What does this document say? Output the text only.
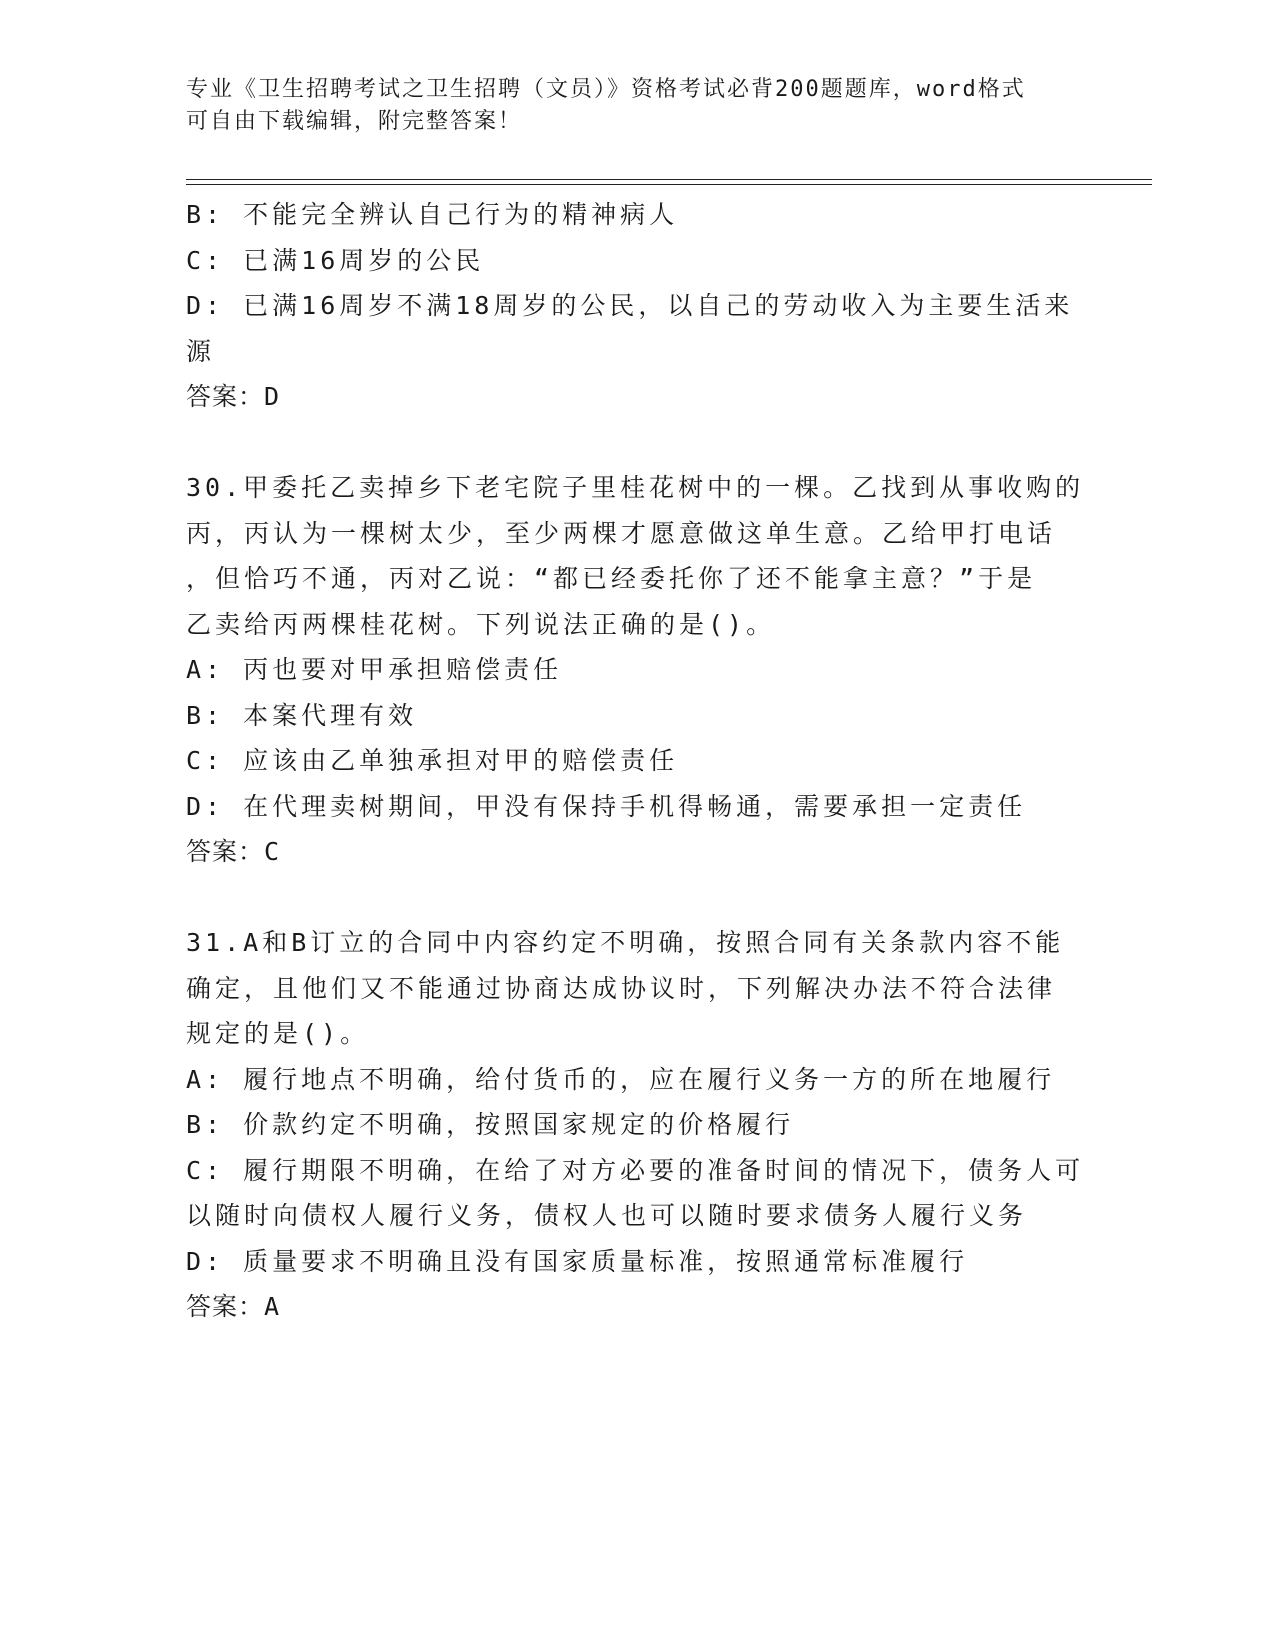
专业《卫生招聘考试之卫生招聘（文员）》资格考试必背200题题库，word格式
可自由下载编辑，附完整答案！
B: 不能完全辨认自己行为的精神病人
C: 已满16周岁的公民
D: 已满16周岁不满18周岁的公民，以自己的劳动收入为主要生活来
源
答案：D
30.甲委托乙卖掉乡下老宅院子里桂花树中的一棵。乙找到从事收购的
丙，丙认为一棵树太少，至少两棵才愿意做这单生意。乙给甲打电话
，但恰巧不通，丙对乙说：“都已经委托你了还不能拿主意？”于是
乙卖给丙两棵桂花树。下列说法正确的是()。
A: 丙也要对甲承担赔偿责任
B: 本案代理有效
C: 应该由乙单独承担对甲的赔偿责任
D: 在代理卖树期间，甲没有保持手机得畅通，需要承担一定责任
答案：C
31.A和B订立的合同中内容约定不明确，按照合同有关条款内容不能
确定，且他们又不能通过协商达成协议时，下列解决办法不符合法律
规定的是()。
A: 履行地点不明确，给付货币的，应在履行义务一方的所在地履行
B: 价款约定不明确，按照国家规定的价格履行
C: 履行期限不明确，在给了对方必要的准备时间的情况下，债务人可
以随时向债权人履行义务，债权人也可以随时要求债务人履行义务
D: 质量要求不明确且没有国家质量标准，按照通常标准履行
答案：A
